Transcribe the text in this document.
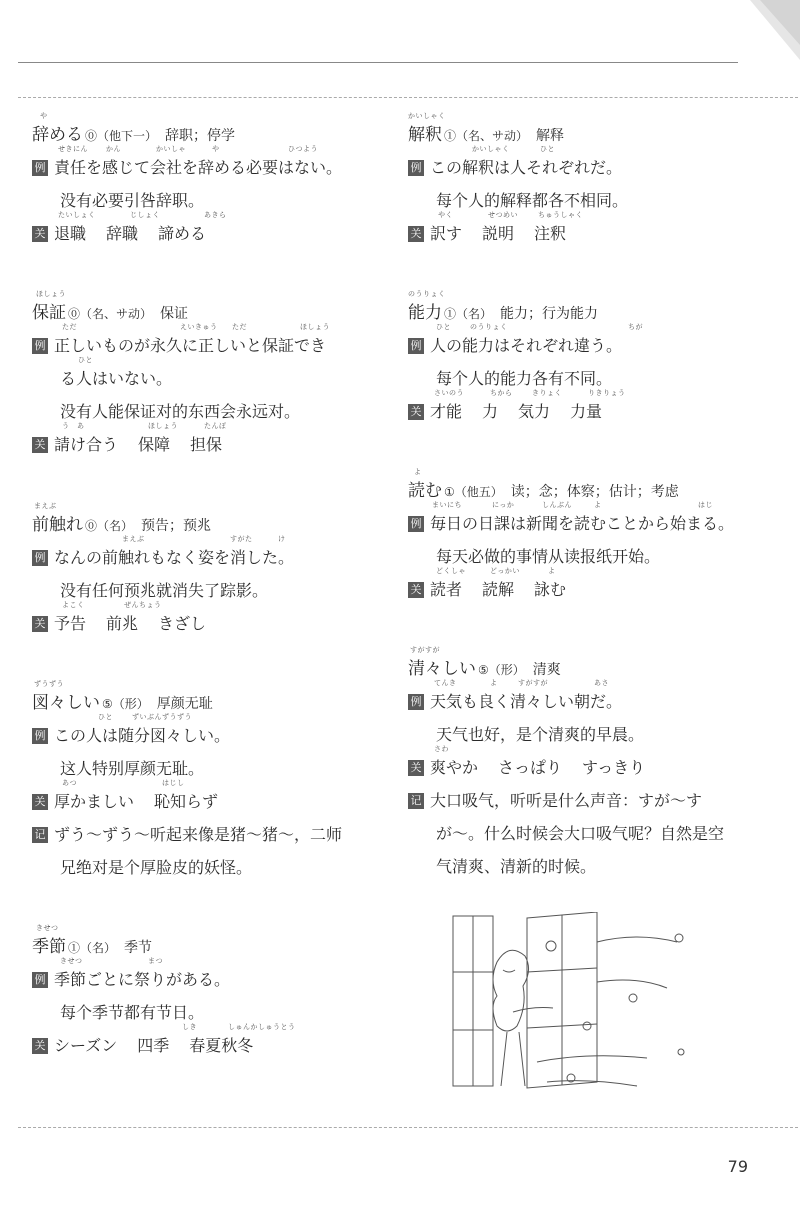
や
辞める ⓪（他下一） 辞职；停学
せきにん	かん	かいしゃ	や	ひつよう
例 責任を感じて会社を辞める必要はない。
没有必要引咎辞职。
たいしょく	じしょく	あきら
关 退職 辞職 諦める
ほしょう
保証 ⓪（名、サ动） 保证
ただ	えいきゅう ただ	ほしょう
例 正しいものが永久に正しいと保証でき
ひと
る人はいない。
没有人能保证对的东西会永远对。
う　あ	ほしょう	たんぽ
关 請け合う 保障 担保
まえぶ
前触れ ⓪（名） 预告；预兆
まえぶ	すがた	け
例 なんの前触れもなく姿を消した。
没有任何预兆就消失了踪影。
よこく	ぜんちょう
关 予告 前兆 きざし
ずうずう
図々しい ⑤（形） 厚颜无耻
ひと	ずいぶんずうずう
例 この人は随分図々しい。
这人特别厚颜无耻。
あつ	はじし
关 厚かましい 恥知らず
记 ずう～ずう～听起来像是猪～猪～，二师
兄绝对是个厚脸皮的妖怪。
きせつ
季節 ①（名） 季节
きせつ	まつ
例 季節ごとに祭りがある。
每个季节都有节日。
しき	しゅんかしゅうとう
关 シーズン 四季 春夏秋冬
かいしゃく
解釈 ①（名、サ动） 解释
かいしゃく	ひと
例 この解釈は人それぞれだ。
每个人的解释都各不相同。
やく	せつめい	ちゅうしゃく
关 訳す 説明 注釈
のうりょく
能力 ①（名） 能力；行为能力
ひと	のうりょく	ちが
例 人の能力はそれぞれ違う。
每个人的能力各有不同。
さいのう	ちから	きりょく	りきりょう
关 才能 力 気力 力量
よ
読む ①（他五） 读；念；体察；估计；考虑
まいにち	にっか	しんぶん	よ	はじ
例 毎日の日課は新聞を読むことから始まる。
每天必做的事情从读报纸开始。
どくしゃ	どっかい	よ
关 読者 読解 詠む
すがすが
清々しい ⑤（形） 清爽
てんき	よ	すがすが	あさ
例 天気も良く清々しい朝だ。
天气也好，是个清爽的早晨。
さわ
关 爽やか さっぱり すっきり
记 大口吸气，听听是什么声音：すが～す
が～。什么时候会大口吸气呢？自然是空
气清爽、清新的时候。
79
